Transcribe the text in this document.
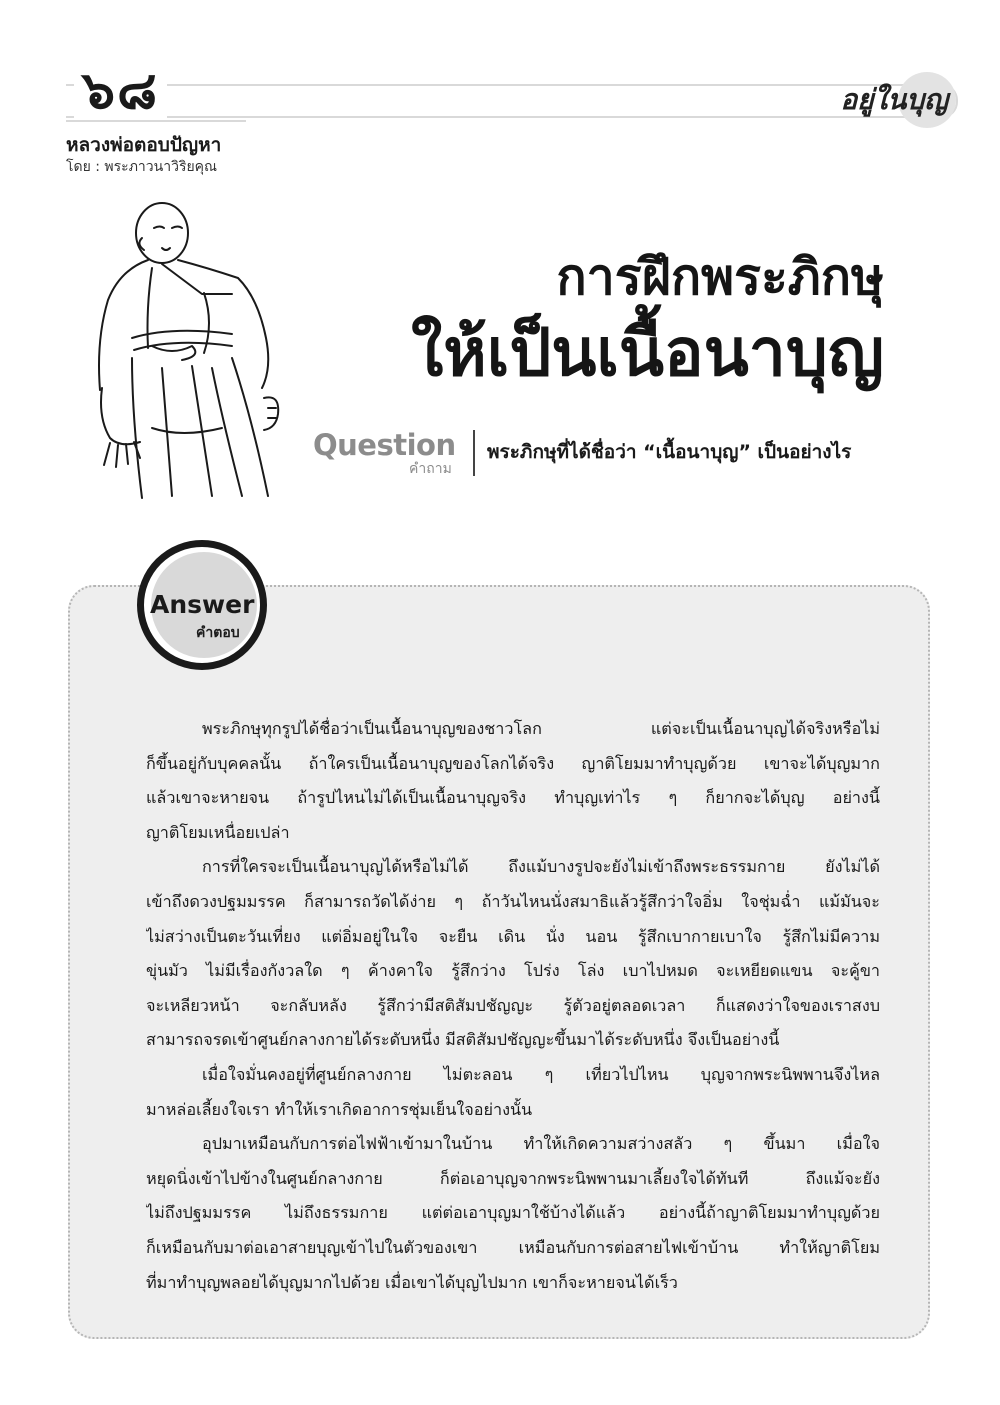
๖๘	อยู่ในบุญ
หลวงพ่อตอบปัญหา
โดย : พระภาวนาวิริยคุณ
การฝึกพระภิกษุ
ให้เป็นเนื้อนาบุญ
Question
คำถาม
พระภิกษุที่ได้ชื่อว่า “เนื้อนาบุญ” เป็นอย่างไร
Answer
คำตอบ
พระภิกษุทุกรูปได้ชื่อว่าเป็นเนื้อนาบุญของชาวโลก แต่จะเป็นเนื้อนาบุญได้จริงหรือไม่
ก็ขึ้นอยู่กับบุคคลนั้น ถ้าใครเป็นเนื้อนาบุญของโลกได้จริง ญาติโยมมาทำบุญด้วย เขาจะได้บุญมาก
แล้วเขาจะหายจน ถ้ารูปไหนไม่ได้เป็นเนื้อนาบุญจริง ทำบุญเท่าไร ๆ ก็ยากจะได้บุญ อย่างนี้
ญาติโยมเหนื่อยเปล่า
การที่ใครจะเป็นเนื้อนาบุญได้หรือไม่ได้ ถึงแม้บางรูปจะยังไม่เข้าถึงพระธรรมกาย ยังไม่ได้
เข้าถึงดวงปฐมมรรค ก็สามารถวัดได้ง่าย ๆ ถ้าวันไหนนั่งสมาธิแล้วรู้สึกว่าใจอิ่ม ใจชุ่มฉ่ำ แม้มันจะ
ไม่สว่างเป็นตะวันเที่ยง แต่อิ่มอยู่ในใจ จะยืน เดิน นั่ง นอน รู้สึกเบากายเบาใจ รู้สึกไม่มีความ
ขุ่นมัว ไม่มีเรื่องกังวลใด ๆ ค้างคาใจ รู้สึกว่าง โปร่ง โล่ง เบาไปหมด จะเหยียดแขน จะคู้ขา
จะเหลียวหน้า จะกลับหลัง รู้สึกว่ามีสติสัมปชัญญะ รู้ตัวอยู่ตลอดเวลา ก็แสดงว่าใจของเราสงบ
สามารถจรดเข้าศูนย์กลางกายได้ระดับหนึ่ง มีสติสัมปชัญญะขึ้นมาได้ระดับหนึ่ง จึงเป็นอย่างนี้
เมื่อใจมั่นคงอยู่ที่ศูนย์กลางกาย ไม่ตะลอน ๆ เที่ยวไปไหน บุญจากพระนิพพานจึงไหล
มาหล่อเลี้ยงใจเรา ทำให้เราเกิดอาการชุ่มเย็นใจอย่างนั้น
อุปมาเหมือนกับการต่อไฟฟ้าเข้ามาในบ้าน ทำให้เกิดความสว่างสลัว ๆ ขึ้นมา เมื่อใจ
หยุดนิ่งเข้าไปข้างในศูนย์กลางกาย ก็ต่อเอาบุญจากพระนิพพานมาเลี้ยงใจได้ทันที ถึงแม้จะยัง
ไม่ถึงปฐมมรรค ไม่ถึงธรรมกาย แต่ต่อเอาบุญมาใช้บ้างได้แล้ว อย่างนี้ถ้าญาติโยมมาทำบุญด้วย
ก็เหมือนกับมาต่อเอาสายบุญเข้าไปในตัวของเขา เหมือนกับการต่อสายไฟเข้าบ้าน ทำให้ญาติโยม
ที่มาทำบุญพลอยได้บุญมากไปด้วย เมื่อเขาได้บุญไปมาก เขาก็จะหายจนได้เร็ว
